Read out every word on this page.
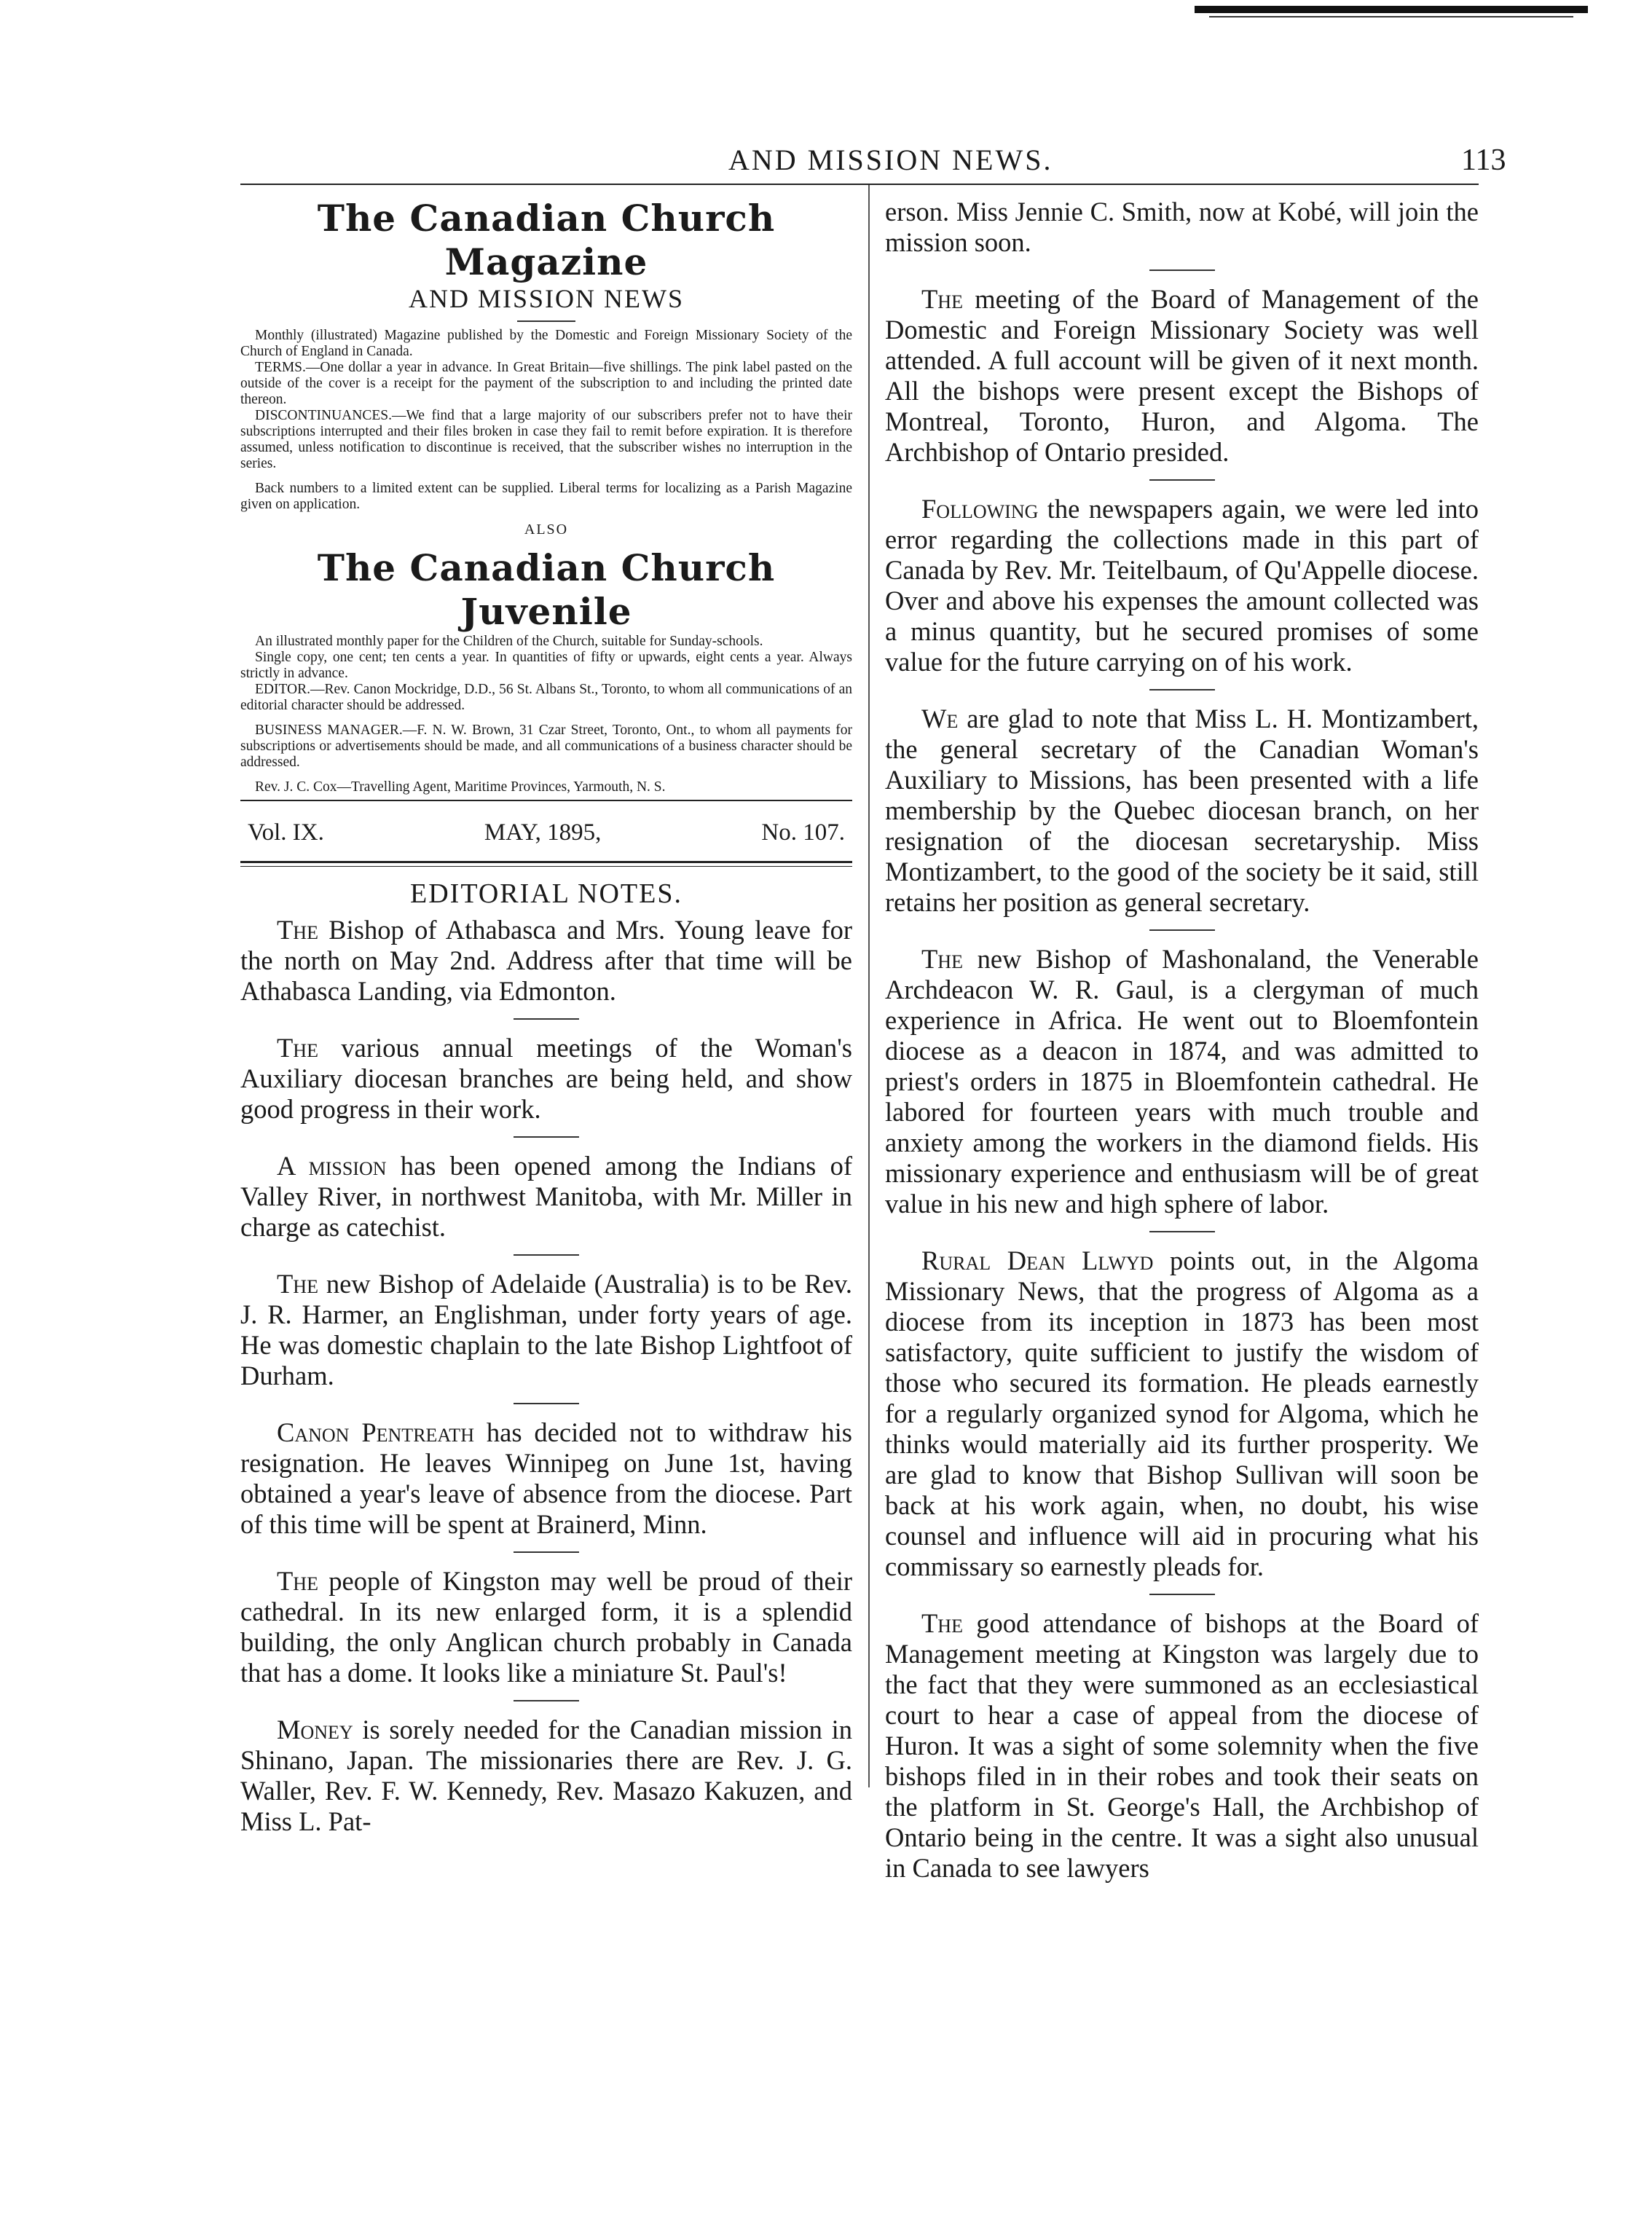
AND MISSION NEWS.	113
The Canadian Church Magazine
AND MISSION NEWS

Monthly (illustrated) Magazine published by the Domestic and Foreign Missionary Society of the Church of England in Canada.

TERMS.—One dollar a year in advance. In Great Britain—five shillings. The pink label pasted on the outside of the cover is a receipt for the payment of the subscription to and including the printed date thereon.

DISCONTINUANCES.—We find that a large majority of our subscribers prefer not to have their subscriptions interrupted and their files broken in case they fail to remit before expiration. It is therefore assumed, unless notification to discontinue is received, that the subscriber wishes no interruption in the series.

Back numbers to a limited extent can be supplied. Liberal terms for localizing as a Parish Magazine given on application.

ALSO
The Canadian Church Juvenile

An illustrated monthly paper for the Children of the Church, suitable for Sunday-schools.

Single copy, one cent; ten cents a year. In quantities of fifty or upwards, eight cents a year. Always strictly in advance.

EDITOR.—Rev. Canon Mockridge, D.D., 56 St. Albans St., Toronto, to whom all communications of an editorial character should be addressed.

BUSINESS MANAGER.—F. N. W. Brown, 31 Czar Street, Toronto, Ont., to whom all payments for subscriptions or advertisements should be made, and all communications of a business character should be addressed.

Rev. J. C. Cox—Travelling Agent, Maritime Provinces, Yarmouth, N. S.

Vol. IX.	MAY, 1895,	No. 107.
EDITORIAL NOTES.

The Bishop of Athabasca and Mrs. Young leave for the north on May 2nd. Address after that time will be Athabasca Landing, via Edmonton.

The various annual meetings of the Woman's Auxiliary diocesan branches are being held, and show good progress in their work.

A mission has been opened among the Indians of Valley River, in northwest Manitoba, with Mr. Miller in charge as catechist.

The new Bishop of Adelaide (Australia) is to be Rev. J. R. Harmer, an Englishman, under forty years of age. He was domestic chaplain to the late Bishop Lightfoot of Durham.

Canon Pentreath has decided not to withdraw his resignation. He leaves Winnipeg on June 1st, having obtained a year's leave of absence from the diocese. Part of this time will be spent at Brainerd, Minn.

The people of Kingston may well be proud of their cathedral. In its new enlarged form, it is a splendid building, the only Anglican church probably in Canada that has a dome. It looks like a miniature St. Paul's!

Money is sorely needed for the Canadian mission in Shinano, Japan. The missionaries there are Rev. J. G. Waller, Rev. F. W. Kennedy, Rev. Masazo Kakuzen, and Miss L. Pat-

erson. Miss Jennie C. Smith, now at Kobé, will join the mission soon.

The meeting of the Board of Management of the Domestic and Foreign Missionary Society was well attended. A full account will be given of it next month. All the bishops were present except the Bishops of Montreal, Toronto, Huron, and Algoma. The Archbishop of Ontario presided.

Following the newspapers again, we were led into error regarding the collections made in this part of Canada by Rev. Mr. Teitelbaum, of Qu'Appelle diocese. Over and above his expenses the amount collected was a minus quantity, but he secured promises of some value for the future carrying on of his work.

We are glad to note that Miss L. H. Montizambert, the general secretary of the Canadian Woman's Auxiliary to Missions, has been presented with a life membership by the Quebec diocesan branch, on her resignation of the diocesan secretaryship. Miss Montizambert, to the good of the society be it said, still retains her position as general secretary.

The new Bishop of Mashonaland, the Venerable Archdeacon W. R. Gaul, is a clergyman of much experience in Africa. He went out to Bloemfontein diocese as a deacon in 1874, and was admitted to priest's orders in 1875 in Bloemfontein cathedral. He labored for fourteen years with much trouble and anxiety among the workers in the diamond fields. His missionary experience and enthusiasm will be of great value in his new and high sphere of labor.

Rural Dean Llwyd points out, in the Algoma Missionary News, that the progress of Algoma as a diocese from its inception in 1873 has been most satisfactory, quite sufficient to justify the wisdom of those who secured its formation. He pleads earnestly for a regularly organized synod for Algoma, which he thinks would materially aid its further prosperity. We are glad to know that Bishop Sullivan will soon be back at his work again, when, no doubt, his wise counsel and influence will aid in procuring what his commissary so earnestly pleads for.

The good attendance of bishops at the Board of Management meeting at Kingston was largely due to the fact that they were summoned as an ecclesiastical court to hear a case of appeal from the diocese of Huron. It was a sight of some solemnity when the five bishops filed in in their robes and took their seats on the platform in St. George's Hall, the Archbishop of Ontario being in the centre. It was a sight also unusual in Canada to see lawyers
